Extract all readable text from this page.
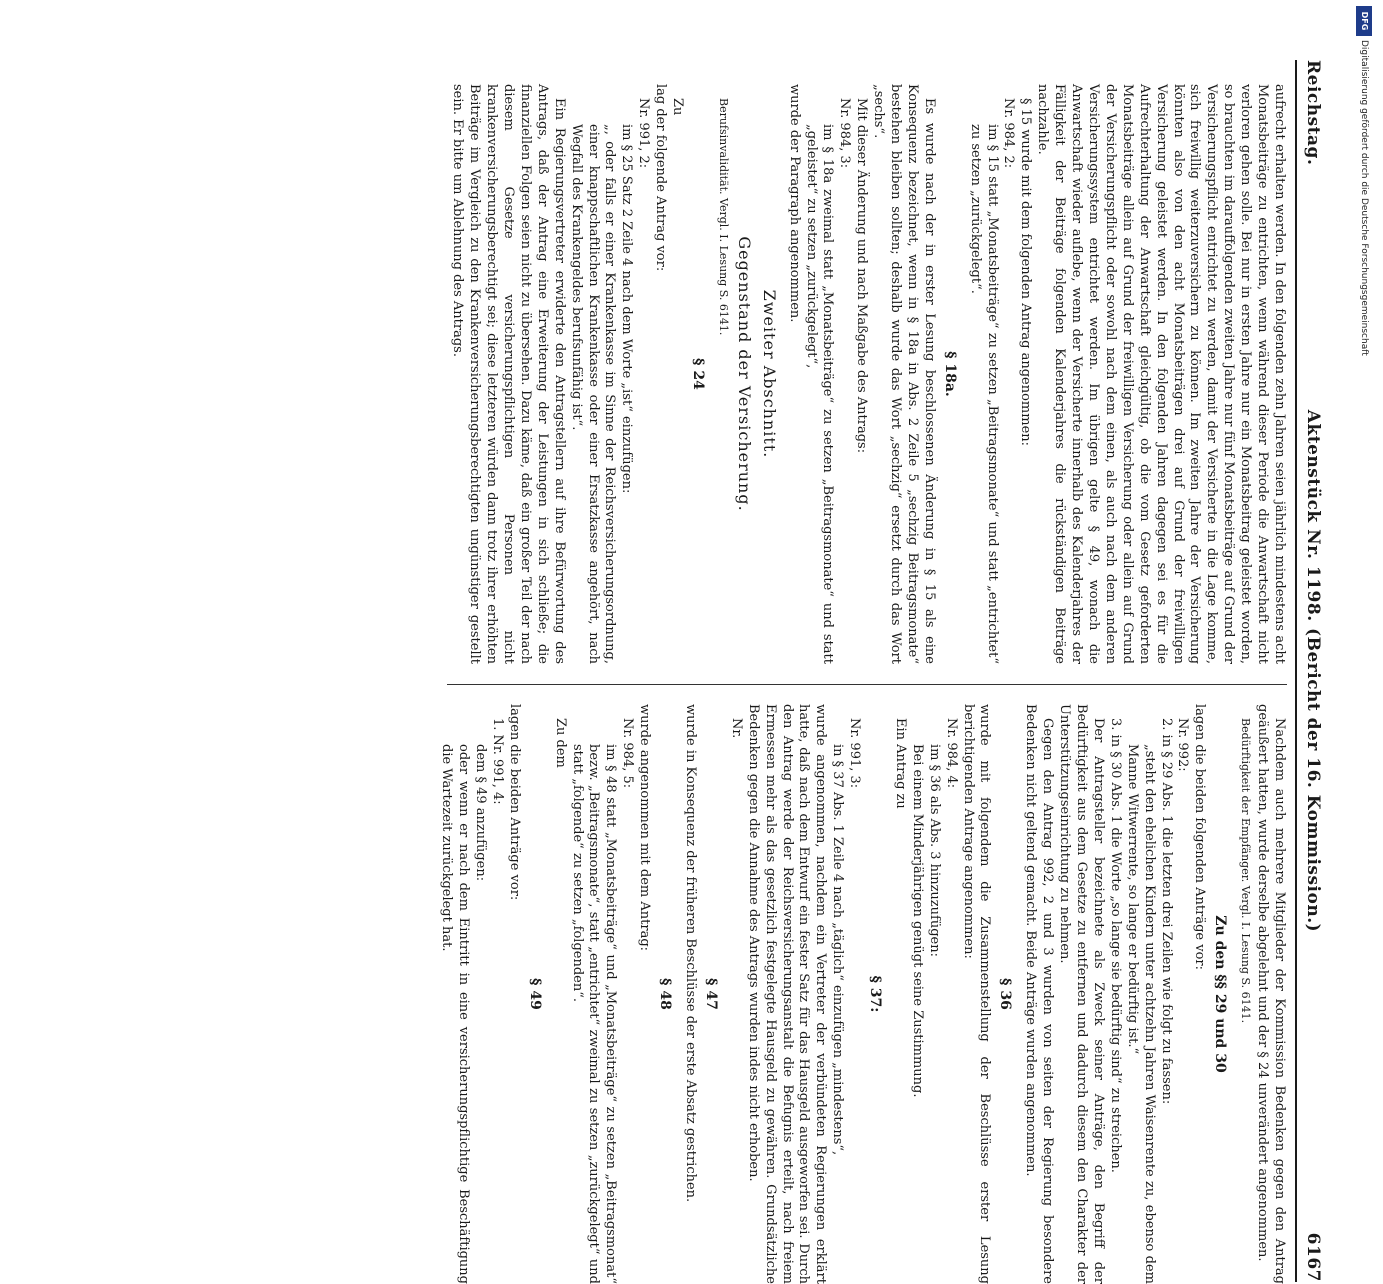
Reichstag.
Aktenstück Nr. 1198. (Bericht der 16. Kommission.)
6167

aufrecht erhalten werden. In den folgenden zehn Jahren seien jährlich mindestens acht Monatsbeiträge zu entrichten, wenn während dieser Periode die Anwartschaft nicht verloren gehen solle. Bei nur in ersten Jahre nur ein Monatsbeitrag geleistet worden, so brauchten im darauffolgenden zweiten Jahre nur fünf Monatsbeiträge auf Grund der Versicherungspflicht entrichtet zu werden, damit der Versicherte in die Lage komme, sich freiwillig weiterzuversichern zu können. Im zweiten Jahre der Versicherung könnten also von den acht Monatsbeiträgen drei auf Grund der freiwilligen Versicherung geleistet werden. In den folgenden Jahren dagegen sei es für die Aufrechterhaltung der Anwartschaft gleichgültig, ob die vom Gesetz geforderten Monatsbeiträge allein auf Grund der freiwilligen Versicherung oder allein auf Grund der Versicherungspflicht oder sowohl nach dem einen, als auch nach dem anderen Versicherungssystem entrichtet werden. Im übrigen gelte § 49, wonach die Anwartschaft wieder auflebe, wenn der Versicherte innerhalb des Kalenderjahres der Fälligkeit der Beiträge folgenden Kalenderjahres die rückständigen Beiträge nachzahle.

§ 15 wurde mit dem folgenden Antrag angenommen:

Nr. 984, 2:
im § 15 statt „Monatsbeiträge“ zu setzen „Beitragsmonate“ und statt „entrichtet“ zu setzen „zurückgelegt“.
§ 18a.

Es wurde nach der in erster Lesung beschlossenen Änderung in § 15 als eine Konsequenz bezeichnet, wenn in § 18a in Abs. 2 Zeile 5 „sechzig Beitragsmonate“ bestehen bleiben sollten; deshalb wurde das Wort „sechzig“ ersetzt durch das Wort „sechs“.

Mit dieser Änderung und nach Maßgabe des Antrags:

Nr. 984, 3:
im § 18a zweimal statt „Monatsbeiträge“ zu setzen „Beitragsmonate“ und statt „geleistet“ zu setzen „zurückgelegt“,

wurde der Paragraph angenommen.

Zweiter Abschnitt.
Gegenstand der Versicherung.
Berufsinvalidität. Vergl. I. Lesung S. 6141.
§ 24
Zu

lag der folgende Antrag vor:

Nr. 991, 2:
im § 25 Satz 2 Zeile 4 nach dem Worte „ist“ einzufügen:
„, oder falls er einer Krankenkasse im Sinne der Reichsversicherungsordnung, einer knappschaftlichen Krankenkasse oder einer Ersatzkasse angehört, nach Wegfall des Krankengeldes berufsunfähig ist“.

Ein Regierungsvertreter erwiderte den Antragstellern auf ihre Befürwortung des Antrags, daß der Antrag eine Erweiterung der Leistungen in sich schließe; die finanziellen Folgen seien nicht zu übersehen. Dazu käme, daß ein großer Teil der nach diesem Gesetze versicherungspflichtigen Personen nicht krankenversicherungsberechtigt sei; diese letzteren würden dann trotz ihrer erhöhten Beiträge im Vergleich zu den Krankenversicherungsberechtigten ungünstiger gestellt sein. Er bitte um Ablehnung des Antrags.

Nachdem auch mehrere Mitglieder der Kommission Bedenken gegen den Antrag geäußert hatten, wurde derselbe abgelehnt und der § 24 unverändert angenommen.

Bedürftigkeit der Empfänger. Vergl. I. Lesung S. 6141.
Zu den §§ 29 und 30

lagen die beiden folgenden Anträge vor:

Nr. 992:
2. in § 29 Abs. 1 die letzten drei Zeilen wie folgt zu fassen:
„steht den ehelichen Kindern unter achtzehn Jahren Waisenrente zu, ebenso dem Manne Witwerrente, so lange er bedürftig ist.“
3. in § 30 Abs. 1 die Worte „so lange sie bedürftig sind“ zu streichen.

Der Antragsteller bezeichnete als Zweck seiner Anträge, den Begriff der Bedürftigkeit aus dem Gesetze zu entfernen und dadurch diesem den Charakter der Unterstützungseinrichtung zu nehmen.

Gegen den Antrag 992, 2 und 3 wurden von seiten der Regierung besondere Bedenken nicht geltend gemacht. Beide Anträge wurden angenommen.

§ 36

wurde mit folgendem die Zusammenstellung der Beschlüsse erster Lesung berichtigenden Antrage angenommen:

Nr. 984, 4:
im § 36 als Abs. 3 hinzuzufügen:
Bei einem Minderjährigen genügt seine Zustimmung.
Ein Antrag zu
§ 37:
Nr. 991, 3:
in § 37 Abs. 1 Zeile 4 nach „täglich“ einzufügen „mindestens“,

wurde angenommen, nachdem ein Vertreter der verbündeten Regierungen erklärt hatte, daß nach dem Entwurf ein fester Satz für das Hausgeld ausgeworfen sei. Durch den Antrag werde der Reichsversicherungsanstalt die Befugnis erteilt, nach freiem Ermessen mehr als das gesetzlich festgelegte Hausgeld zu gewähren. Grundsätzliche Bedenken gegen die Annahme des Antrags wurden indes nicht erhoben.

Nr.
§ 47

wurde in Konsequenz der früheren Beschlüsse der erste Absatz gestrichen.

§ 48

wurde angenommen mit dem Antrag:

Nr. 984, 5:
im § 48 statt „Monatsbeiträge“ und „Monatsbeiträge“ zu setzen „Beitragsmonat“ bezw. „Beitragsmonate“, statt „entrichtet“ zweimal zu setzen „zurückgelegt“ und statt „folgende“ zu setzen „folgenden“.
Zu dem
§ 49

lagen die beiden Anträge vor:

1. Nr. 991, 4:
dem § 49 anzufügen:
oder wenn er nach dem Eintritt in eine versicherungspflichtige Beschäftigung die Wartezeit zurückgelegt hat.
DFG
Digitalisierung gefördert durch die Deutsche Forschungsgemeinschaft
